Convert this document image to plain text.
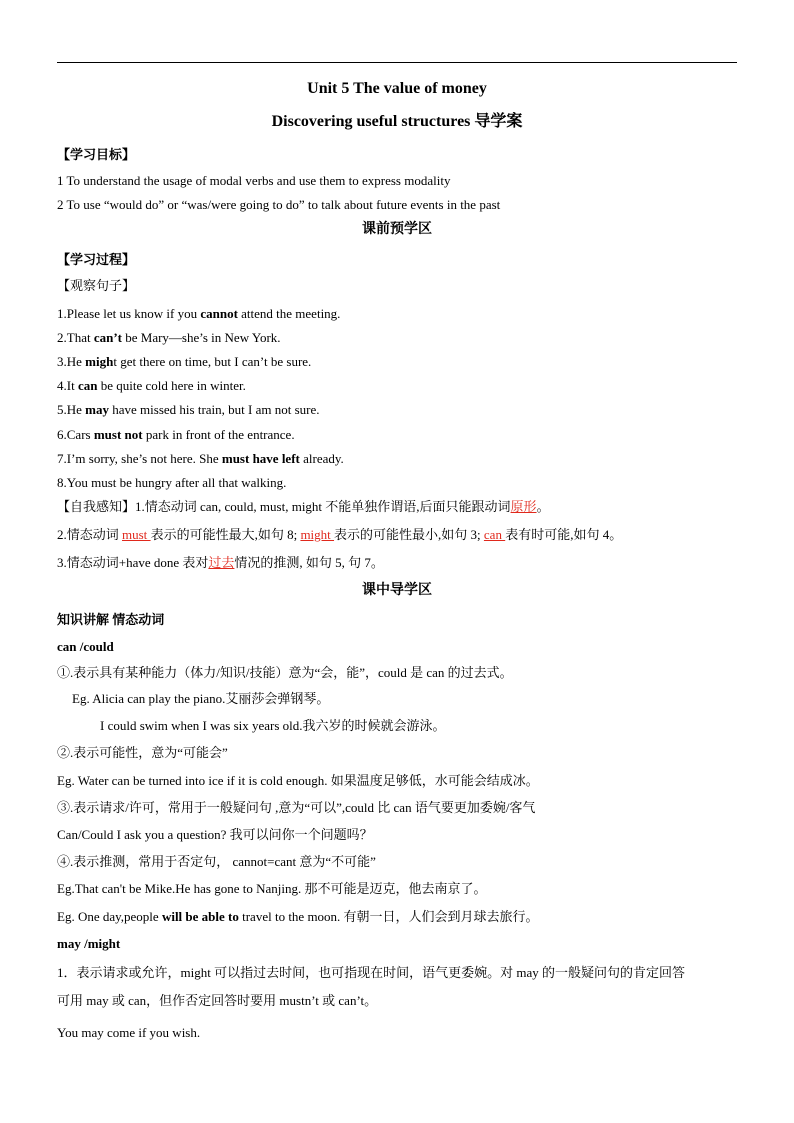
Unit 5 The value of money
Discovering useful structures 导学案
【学习目标】
1 To understand the usage of modal verbs and use them to express modality
2 To use “would do” or “was/were going to do” to talk about future events in the past
课前预学区
【学习过程】
【观察句子】
1.Please let us know if you cannot attend the meeting.
2.That can’t be Mary—she’s in New York.
3.He might get there on time, but I can’t be sure.
4.It can be quite cold here in winter.
5.He may have missed his train, but I am not sure.
6.Cars must not park in front of the entrance.
7.I’m sorry, she’s not here. She must have left already.
8.You must be hungry after all that walking.
【自我感知】1.情态动词 can, could, must, might 不能单独作谓语,后面只能跟动词原形。
2.情态动词 must 表示的可能性最大,如句 8; might 表示的可能性最小,如句 3; can 表有时可能,如句 4。
3.情态动词+have done 表对过去情况的推测, 如句 5, 句 7。
课中导学区
知识讲解 情态动词
can /could
①.表示具有某种能力（体力/知识/技能）意为“会，能”，could 是 can 的过去式。
Eg. Alicia can play the piano.艾丽莎会弹钢琴。
I could swim when I was six years old.我六岁的时候就会游泳。
②.表示可能性，意为“可能会”
Eg. Water can be turned into ice if it is cold enough. 如果温度足够低，水可能会结成冰。
③.表示请求/许可，常用于一般疑问句 ,意为“可以”,could 比 can 语气要更加委婉/客气
Can/Could I ask you a question? 我可以问你一个问题吗？
④.表示推测，常用于否定句， cannot=cant 意为“不可能”
Eg.That can't be Mike.He has gone to Nanjing. 那不可能是迈克，他去南京了。
Eg. One day,people will be able to travel to the moon. 有朝一日，人们会到月球去旅行。
may /might
1．表示请求或允许，might 可以指过去时间，也可指现在时间，语气更委婉。对 may 的一般疑问句的肯定回答
可用 may 或 can，但作否定回答时要用 mustn’t 或 can’t。
You may come if you wish.
